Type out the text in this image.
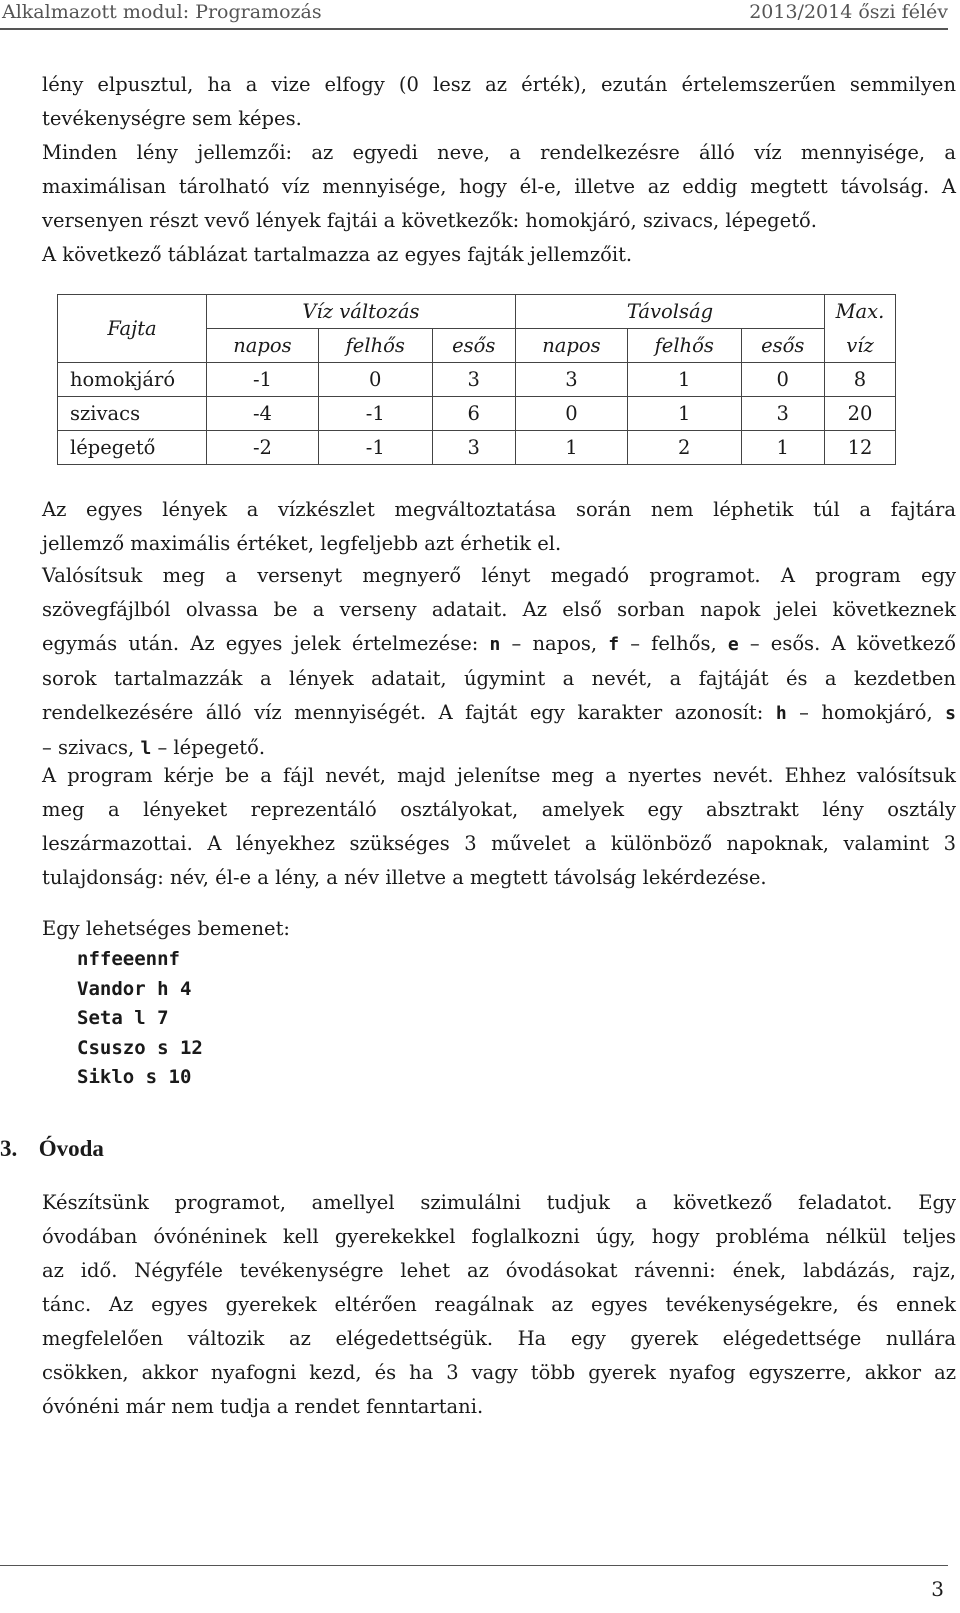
Alkalmazott modul: Programozás	2013/2014 őszi félév
lény elpusztul, ha a vize elfogy (0 lesz az érték), ezután értelemszerűen semmilyen
tevékenységre sem képes.
Minden lény jellemzői: az egyedi neve, a rendelkezésre álló víz mennyisége, a
maximálisan tárolható víz mennyisége, hogy él-e, illetve az eddig megtett távolság. A
versenyen részt vevő lények fajtái a következők: homokjáró, szivacs, lépegető.
A következő táblázat tartalmazza az egyes fajták jellemzőit.
Fajta	Víz változás			Távolság			Max.
	napos	felhős	esős	napos	felhős	esős	víz
homokjáró	-1	0	3	3	1	0	8
szivacs	-4	-1	6	0	1	3	20
lépegető	-2	-1	3	1	2	1	12
Az egyes lények a vízkészlet megváltoztatása során nem léphetik túl a fajtára
jellemző maximális értéket, legfeljebb azt érhetik el.
Valósítsuk meg a versenyt megnyerő lényt megadó programot. A program egy
szövegfájlból olvassa be a verseny adatait. Az első sorban napok jelei következnek
egymás után. Az egyes jelek értelmezése: n – napos, f – felhős, e – esős. A következő
sorok tartalmazzák a lények adatait, úgymint a nevét, a fajtáját és a kezdetben
rendelkezésére álló víz mennyiségét. A fajtát egy karakter azonosít: h – homokjáró, s
– szivacs, l – lépegető.
A program kérje be a fájl nevét, majd jelenítse meg a nyertes nevét. Ehhez valósítsuk
meg a lényeket reprezentáló osztályokat, amelyek egy absztrakt lény osztály
leszármazottai. A lényekhez szükséges 3 művelet a különböző napoknak, valamint 3
tulajdonság: név, él-e a lény, a név illetve a megtett távolság lekérdezése.
Egy lehetséges bemenet:
nffeeennf
Vandor h 4
Seta l 7
Csuszo s 12
Siklo s 10
3. Óvoda
Készítsünk programot, amellyel szimulálni tudjuk a következő feladatot. Egy
óvodában óvónéninek kell gyerekekkel foglalkozni úgy, hogy probléma nélkül teljes
az idő. Négyféle tevékenységre lehet az óvodásokat rávenni: ének, labdázás, rajz,
tánc. Az egyes gyerekek eltérően reagálnak az egyes tevékenységekre, és ennek
megfelelően változik az elégedettségük. Ha egy gyerek elégedettsége nullára
csökken, akkor nyafogni kezd, és ha 3 vagy több gyerek nyafog egyszerre, akkor az
óvónéni már nem tudja a rendet fenntartani.
3
